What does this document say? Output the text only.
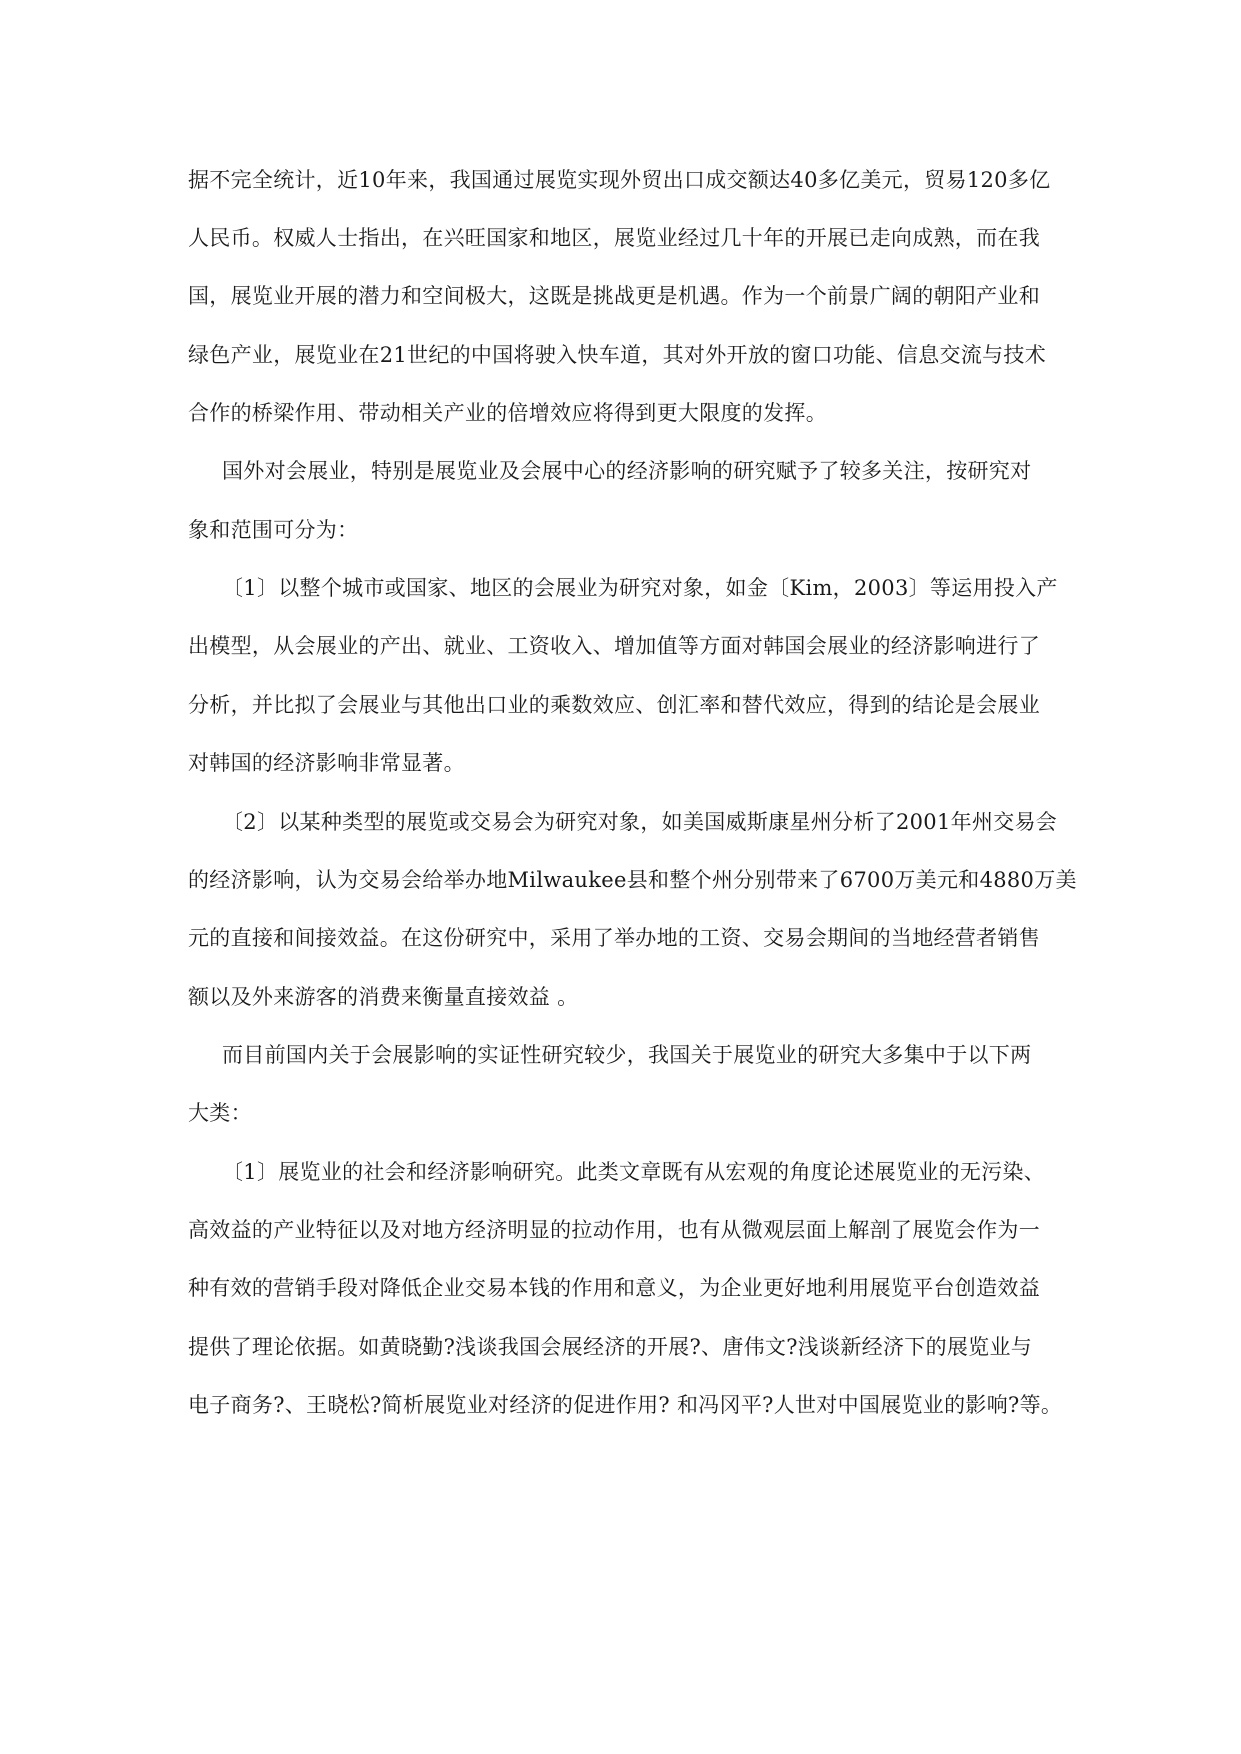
据不完全统计，近10年来，我国通过展览实现外贸出口成交额达40多亿美元，贸易120多亿
人民币。权威人士指出，在兴旺国家和地区，展览业经过几十年的开展已走向成熟，而在我
国，展览业开展的潜力和空间极大，这既是挑战更是机遇。作为一个前景广阔的朝阳产业和
绿色产业，展览业在21世纪的中国将驶入快车道，其对外开放的窗口功能、信息交流与技术
合作的桥梁作用、带动相关产业的倍增效应将得到更大限度的发挥。
国外对会展业，特别是展览业及会展中心的经济影响的研究赋予了较多关注，按研究对
象和范围可分为：
〔1〕以整个城市或国家、地区的会展业为研究对象，如金〔Kim，2003〕等运用投入产
出模型，从会展业的产出、就业、工资收入、增加值等方面对韩国会展业的经济影响进行了
分析，并比拟了会展业与其他出口业的乘数效应、创汇率和替代效应，得到的结论是会展业
对韩国的经济影响非常显著。
〔2〕以某种类型的展览或交易会为研究对象，如美国威斯康星州分析了2001年州交易会
的经济影响，认为交易会给举办地Milwaukee县和整个州分别带来了6700万美元和4880万美
元的直接和间接效益。在这份研究中，采用了举办地的工资、交易会期间的当地经营者销售
额以及外来游客的消费来衡量直接效益 。
而目前国内关于会展影响的实证性研究较少，我国关于展览业的研究大多集中于以下两
大类：
〔1〕展览业的社会和经济影响研究。此类文章既有从宏观的角度论述展览业的无污染、
高效益的产业特征以及对地方经济明显的拉动作用，也有从微观层面上解剖了展览会作为一
种有效的营销手段对降低企业交易本钱的作用和意义，为企业更好地利用展览平台创造效益
提供了理论依据。如黄晓勤?浅谈我国会展经济的开展?、唐伟文?浅谈新经济下的展览业与
电子商务?、王晓松?简析展览业对经济的促进作用? 和冯冈平?人世对中国展览业的影响?等。
